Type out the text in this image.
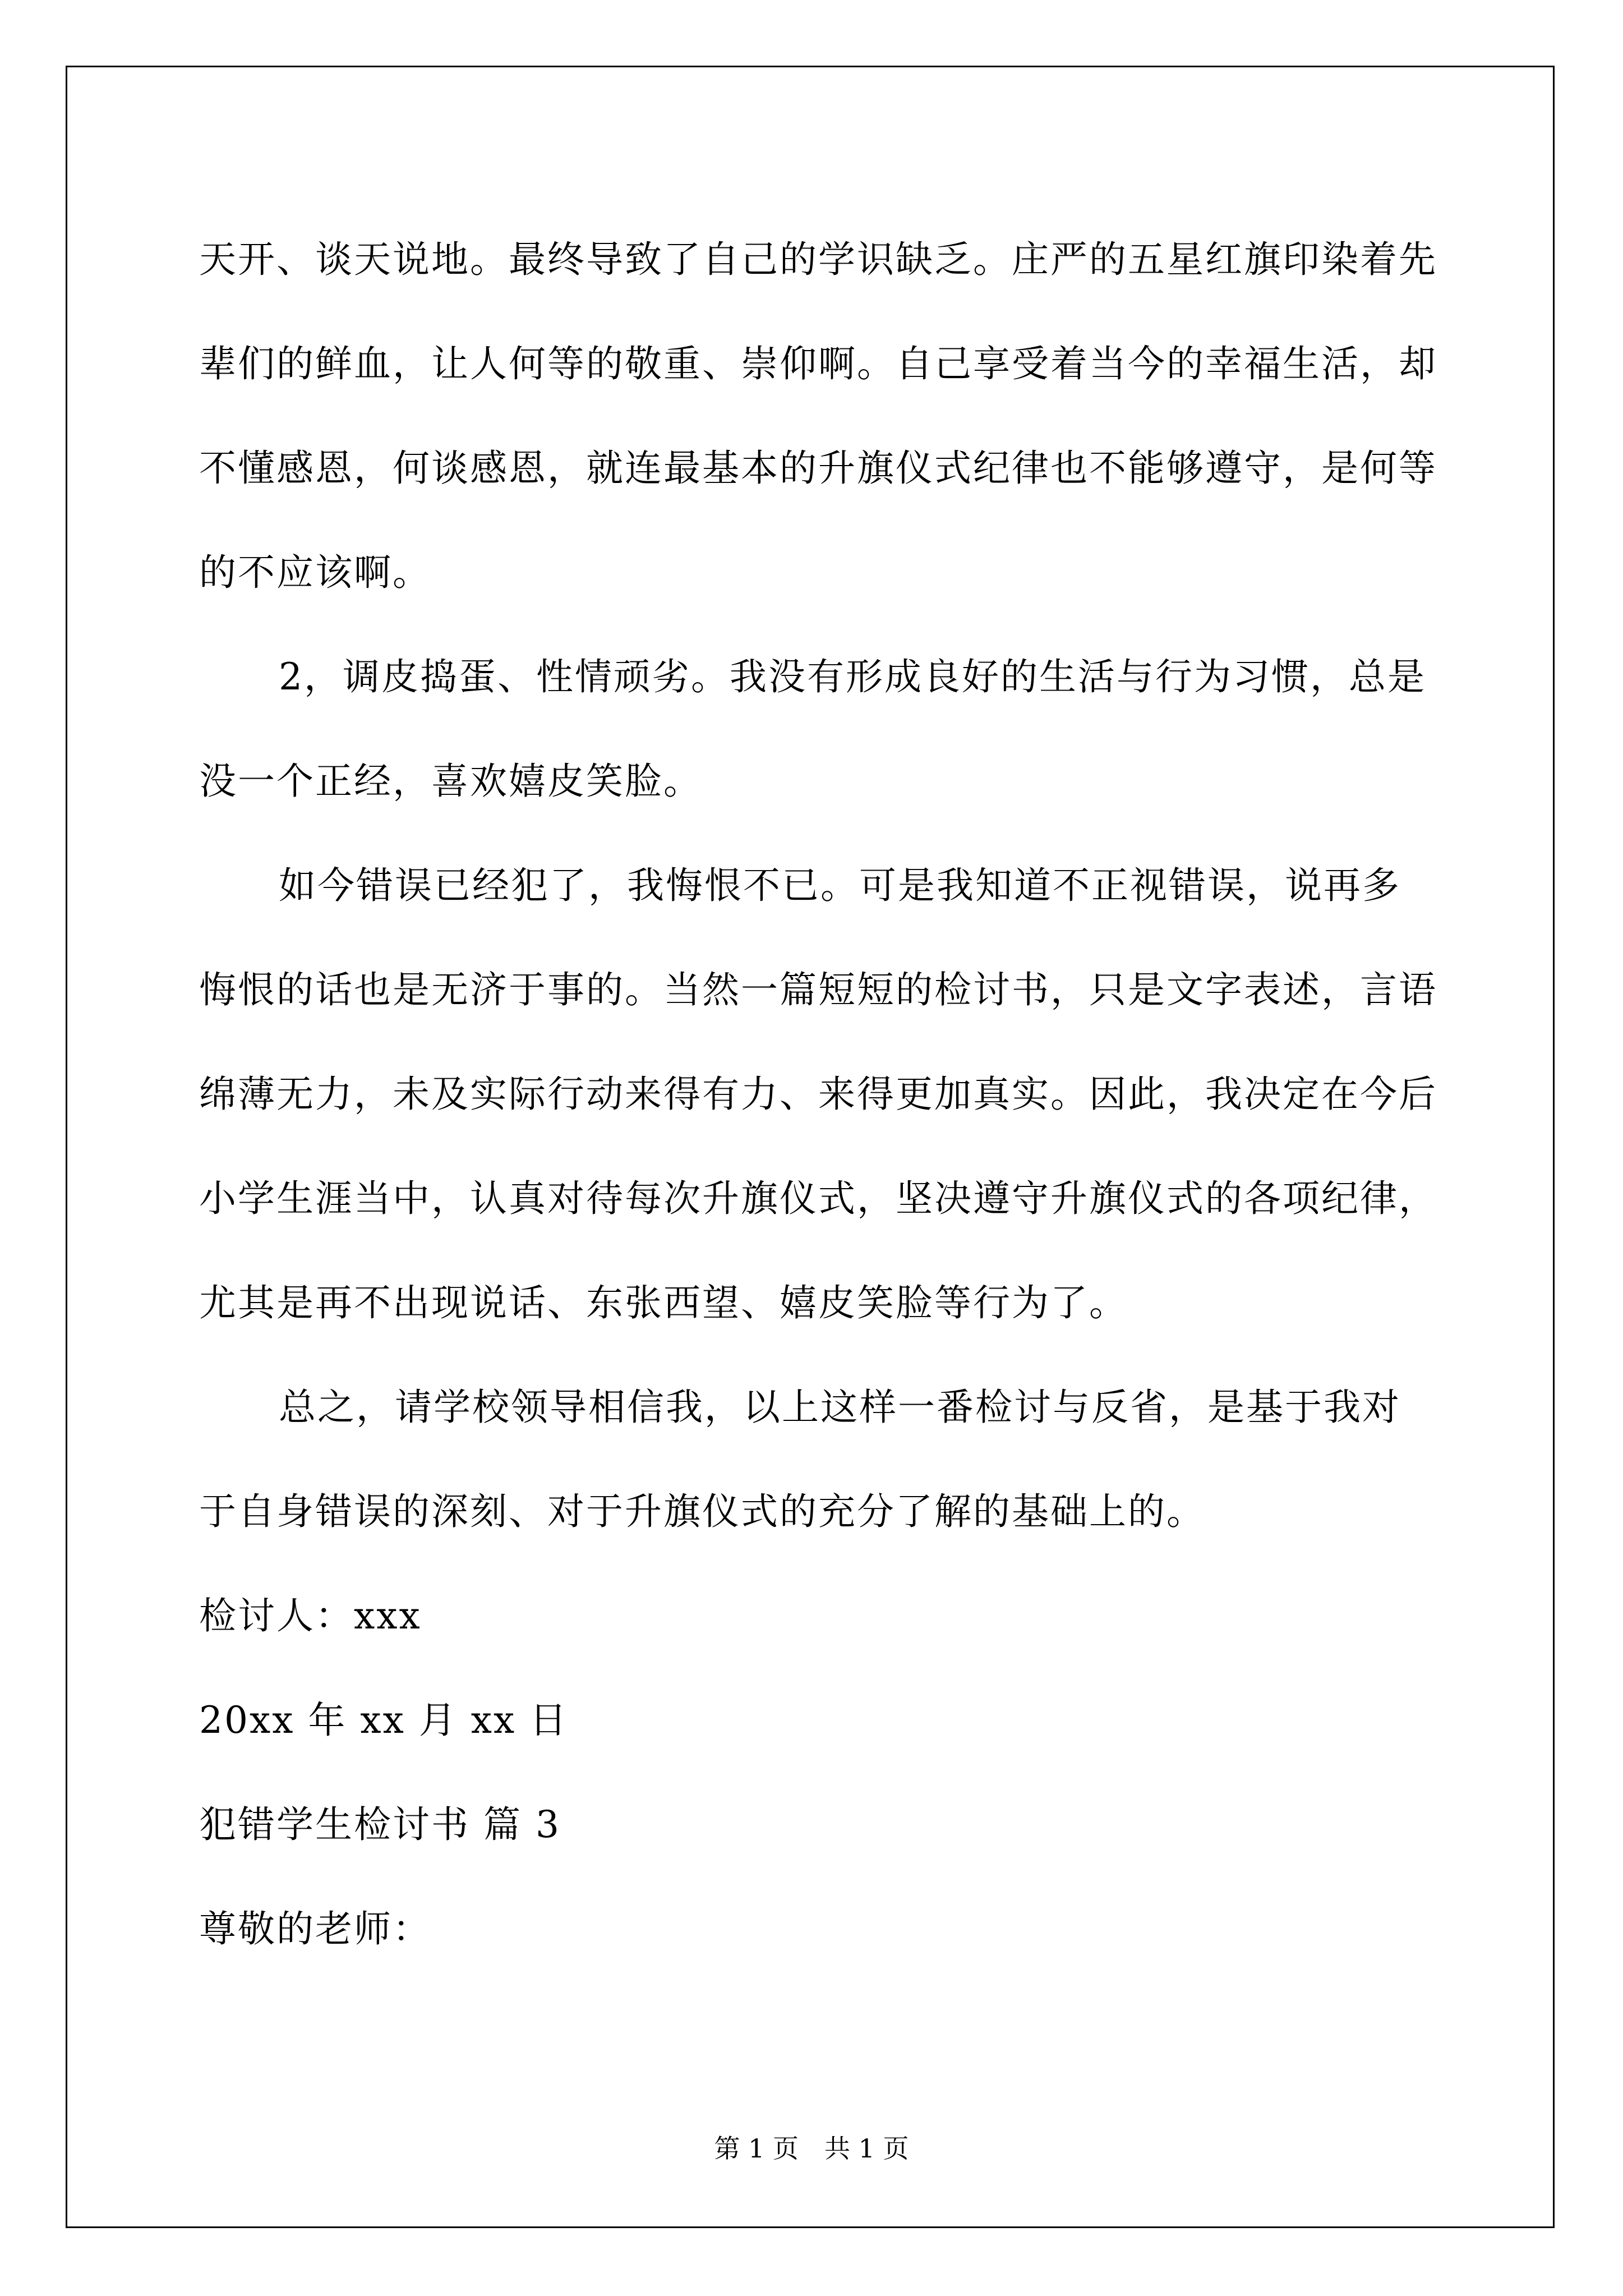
天开、谈天说地。最终导致了自己的学识缺乏。庄严的五星红旗印染着先辈们的鲜血，让人何等的敬重、崇仰啊。自己享受着当今的幸福生活，却不懂感恩，何谈感恩，就连最基本的升旗仪式纪律也不能够遵守，是何等的不应该啊。

2，调皮捣蛋、性情顽劣。我没有形成良好的生活与行为习惯，总是没一个正经，喜欢嬉皮笑脸。

如今错误已经犯了，我悔恨不已。可是我知道不正视错误，说再多悔恨的话也是无济于事的。当然一篇短短的检讨书，只是文字表述，言语绵薄无力，未及实际行动来得有力、来得更加真实。因此，我决定在今后小学生涯当中，认真对待每次升旗仪式，坚决遵守升旗仪式的各项纪律，尤其是再不出现说话、东张西望、嬉皮笑脸等行为了。

总之，请学校领导相信我，以上这样一番检讨与反省，是基于我对于自身错误的深刻、对于升旗仪式的充分了解的基础上的。

检讨人：xxx

20xx 年 xx 月 xx 日

犯错学生检讨书 篇 3

尊敬的老师：

第 1 页 共 1 页
